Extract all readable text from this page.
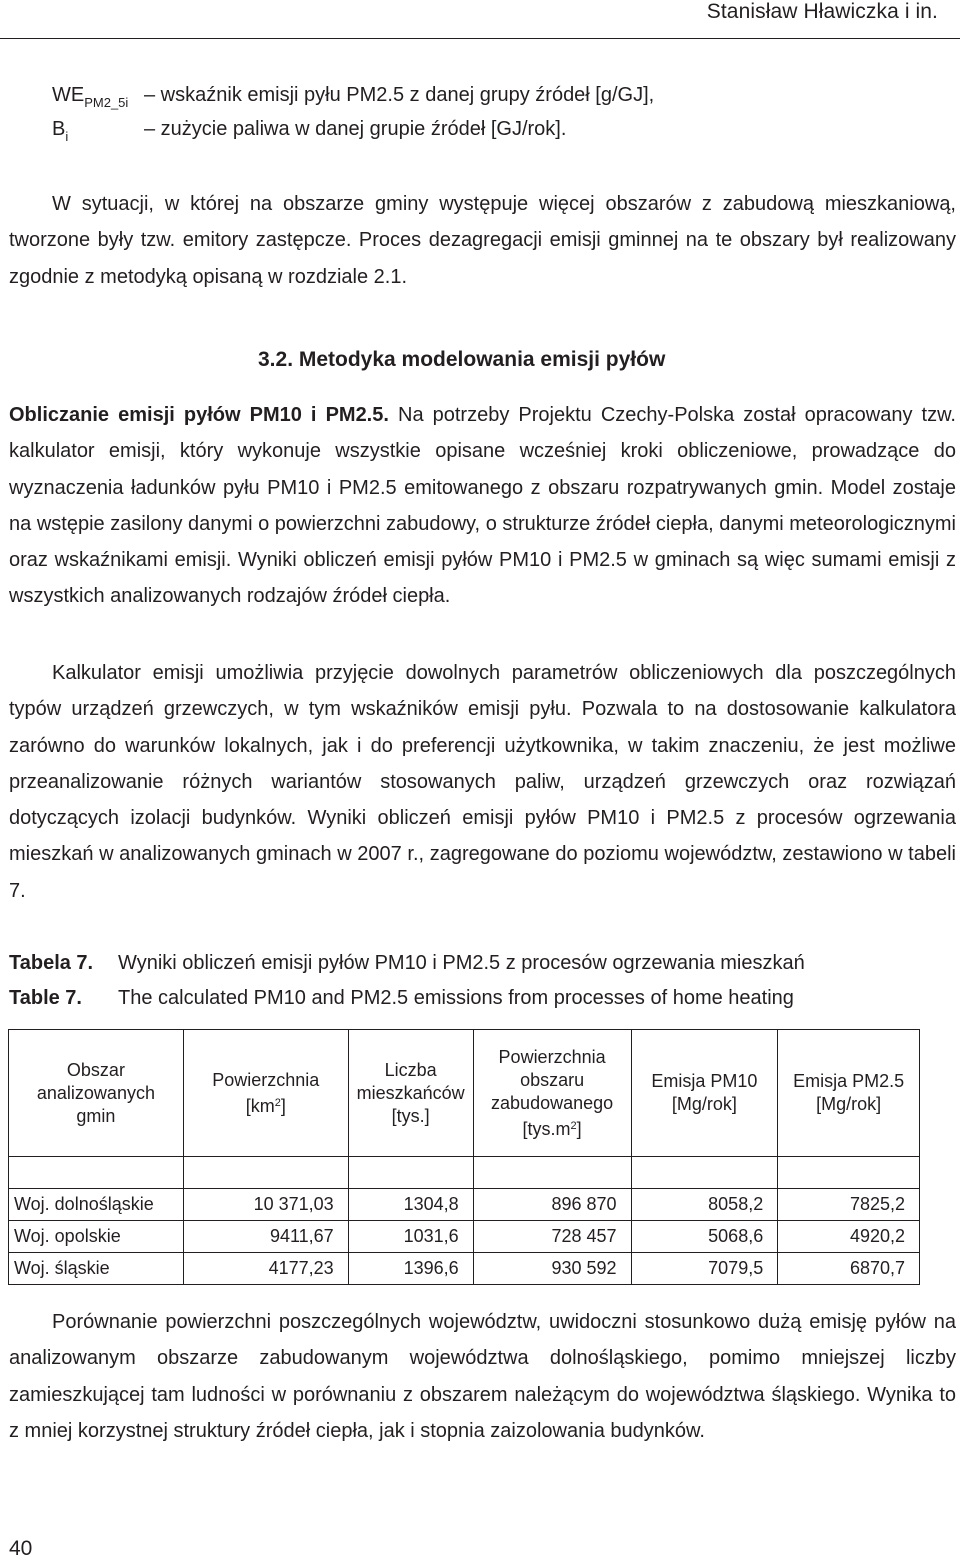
Stanisław Hławiczka i in.
$WE_{PM2\_5i}$ – wskaźnik emisji pyłu PM2.5 z danej grupy źródeł [g/GJ],
$B_i$	– zużycie paliwa w danej grupie źródeł [GJ/rok].

W sytuacji, w której na obszarze gminy występuje więcej obszarów z zabudową mieszkaniową, tworzone były tzw. emitory zastępcze. Proces dezagregacji emisji gminnej na te obszary był realizowany zgodnie z metodyką opisaną w rozdziale 2.1.

3.2. Metodyka modelowania emisji pyłów

Obliczanie emisji pyłów PM10 i PM2.5. Na potrzeby Projektu Czechy-Polska został opracowany tzw. kalkulator emisji, który wykonuje wszystkie opisane wcześniej kroki obliczeniowe, prowadzące do wyznaczenia ładunków pyłu PM10 i PM2.5 emitowanego z obszaru rozpatrywanych gmin. Model zostaje na wstępie zasilony danymi o powierzchni zabudowy, o strukturze źródeł ciepła, danymi meteorologicznymi oraz wskaźnikami emisji. Wyniki obliczeń emisji pyłów PM10 i PM2.5 w gminach są więc sumami emisji z wszystkich analizowanych rodzajów źródeł ciepła.

Kalkulator emisji umożliwia przyjęcie dowolnych parametrów obliczeniowych dla poszczególnych typów urządzeń grzewczych, w tym wskaźników emisji pyłu. Pozwala to na dostosowanie kalkulatora zarówno do warunków lokalnych, jak i do preferencji użytkownika, w takim znaczeniu, że jest możliwe przeanalizowanie różnych wariantów stosowanych paliw, urządzeń grzewczych oraz rozwiązań dotyczących izolacji budynków. Wyniki obliczeń emisji pyłów PM10 i PM2.5 z procesów ogrzewania mieszkań w analizowanych gminach w 2007 r., zagregowane do poziomu województw, zestawiono w tabeli 7.

Tabela 7. Wyniki obliczeń emisji pyłów PM10 i PM2.5 z procesów ogrzewania mieszkań
Table 7. The calculated PM10 and PM2.5 emissions from processes of home heating
Obszar analizowanych gmin	Powierzchnia $[km^2]$	Liczba mieszkańców [tys.]	Powierzchnia obszaru zabudowanego $[tys.m^2]$	Emisja PM10 [Mg/rok]	Emisja PM2.5 [Mg/rok]

Woj. dolnośląskie	10 371,03	1304,8	896 870	8058,2	7825,2
Woj. opolskie	9411,67	1031,6	728 457	5068,6	4920,2
Woj. śląskie	4177,23	1396,6	930 592	7079,5	6870,7

Porównanie powierzchni poszczególnych województw, uwidoczni stosunkowo dużą emisję pyłów na analizowanym obszarze zabudowanym województwa dolnośląskiego, pomimo mniejszej liczby zamieszkującej tam ludności w porównaniu z obszarem należącym do województwa śląskiego. Wynika to z mniej korzystnej struktury źródeł ciepła, jak i stopnia zaizolowania budynków.

40
